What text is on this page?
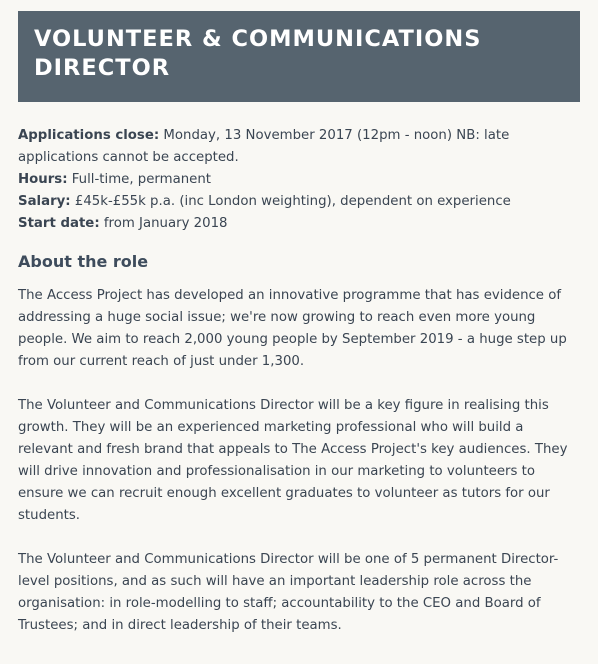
VOLUNTEER & COMMUNICATIONS DIRECTOR
Applications close: Monday, 13 November 2017 (12pm - noon) NB: late applications cannot be accepted.
Hours: Full-time, permanent
Salary: £45k-£55k p.a. (inc London weighting), dependent on experience
Start date: from January 2018
About the role

The Access Project has developed an innovative programme that has evidence of addressing a huge social issue; we're now growing to reach even more young people. We aim to reach 2,000 young people by September 2019 - a huge step up from our current reach of just under 1,300.

The Volunteer and Communications Director will be a key figure in realising this growth. They will be an experienced marketing professional who will build a relevant and fresh brand that appeals to The Access Project's key audiences. They will drive innovation and professionalisation in our marketing to volunteers to ensure we can recruit enough excellent graduates to volunteer as tutors for our students.

The Volunteer and Communications Director will be one of 5 permanent Director-level positions, and as such will have an important leadership role across the organisation: in role-modelling to staff; accountability to the CEO and Board of Trustees; and in direct leadership of their teams.
